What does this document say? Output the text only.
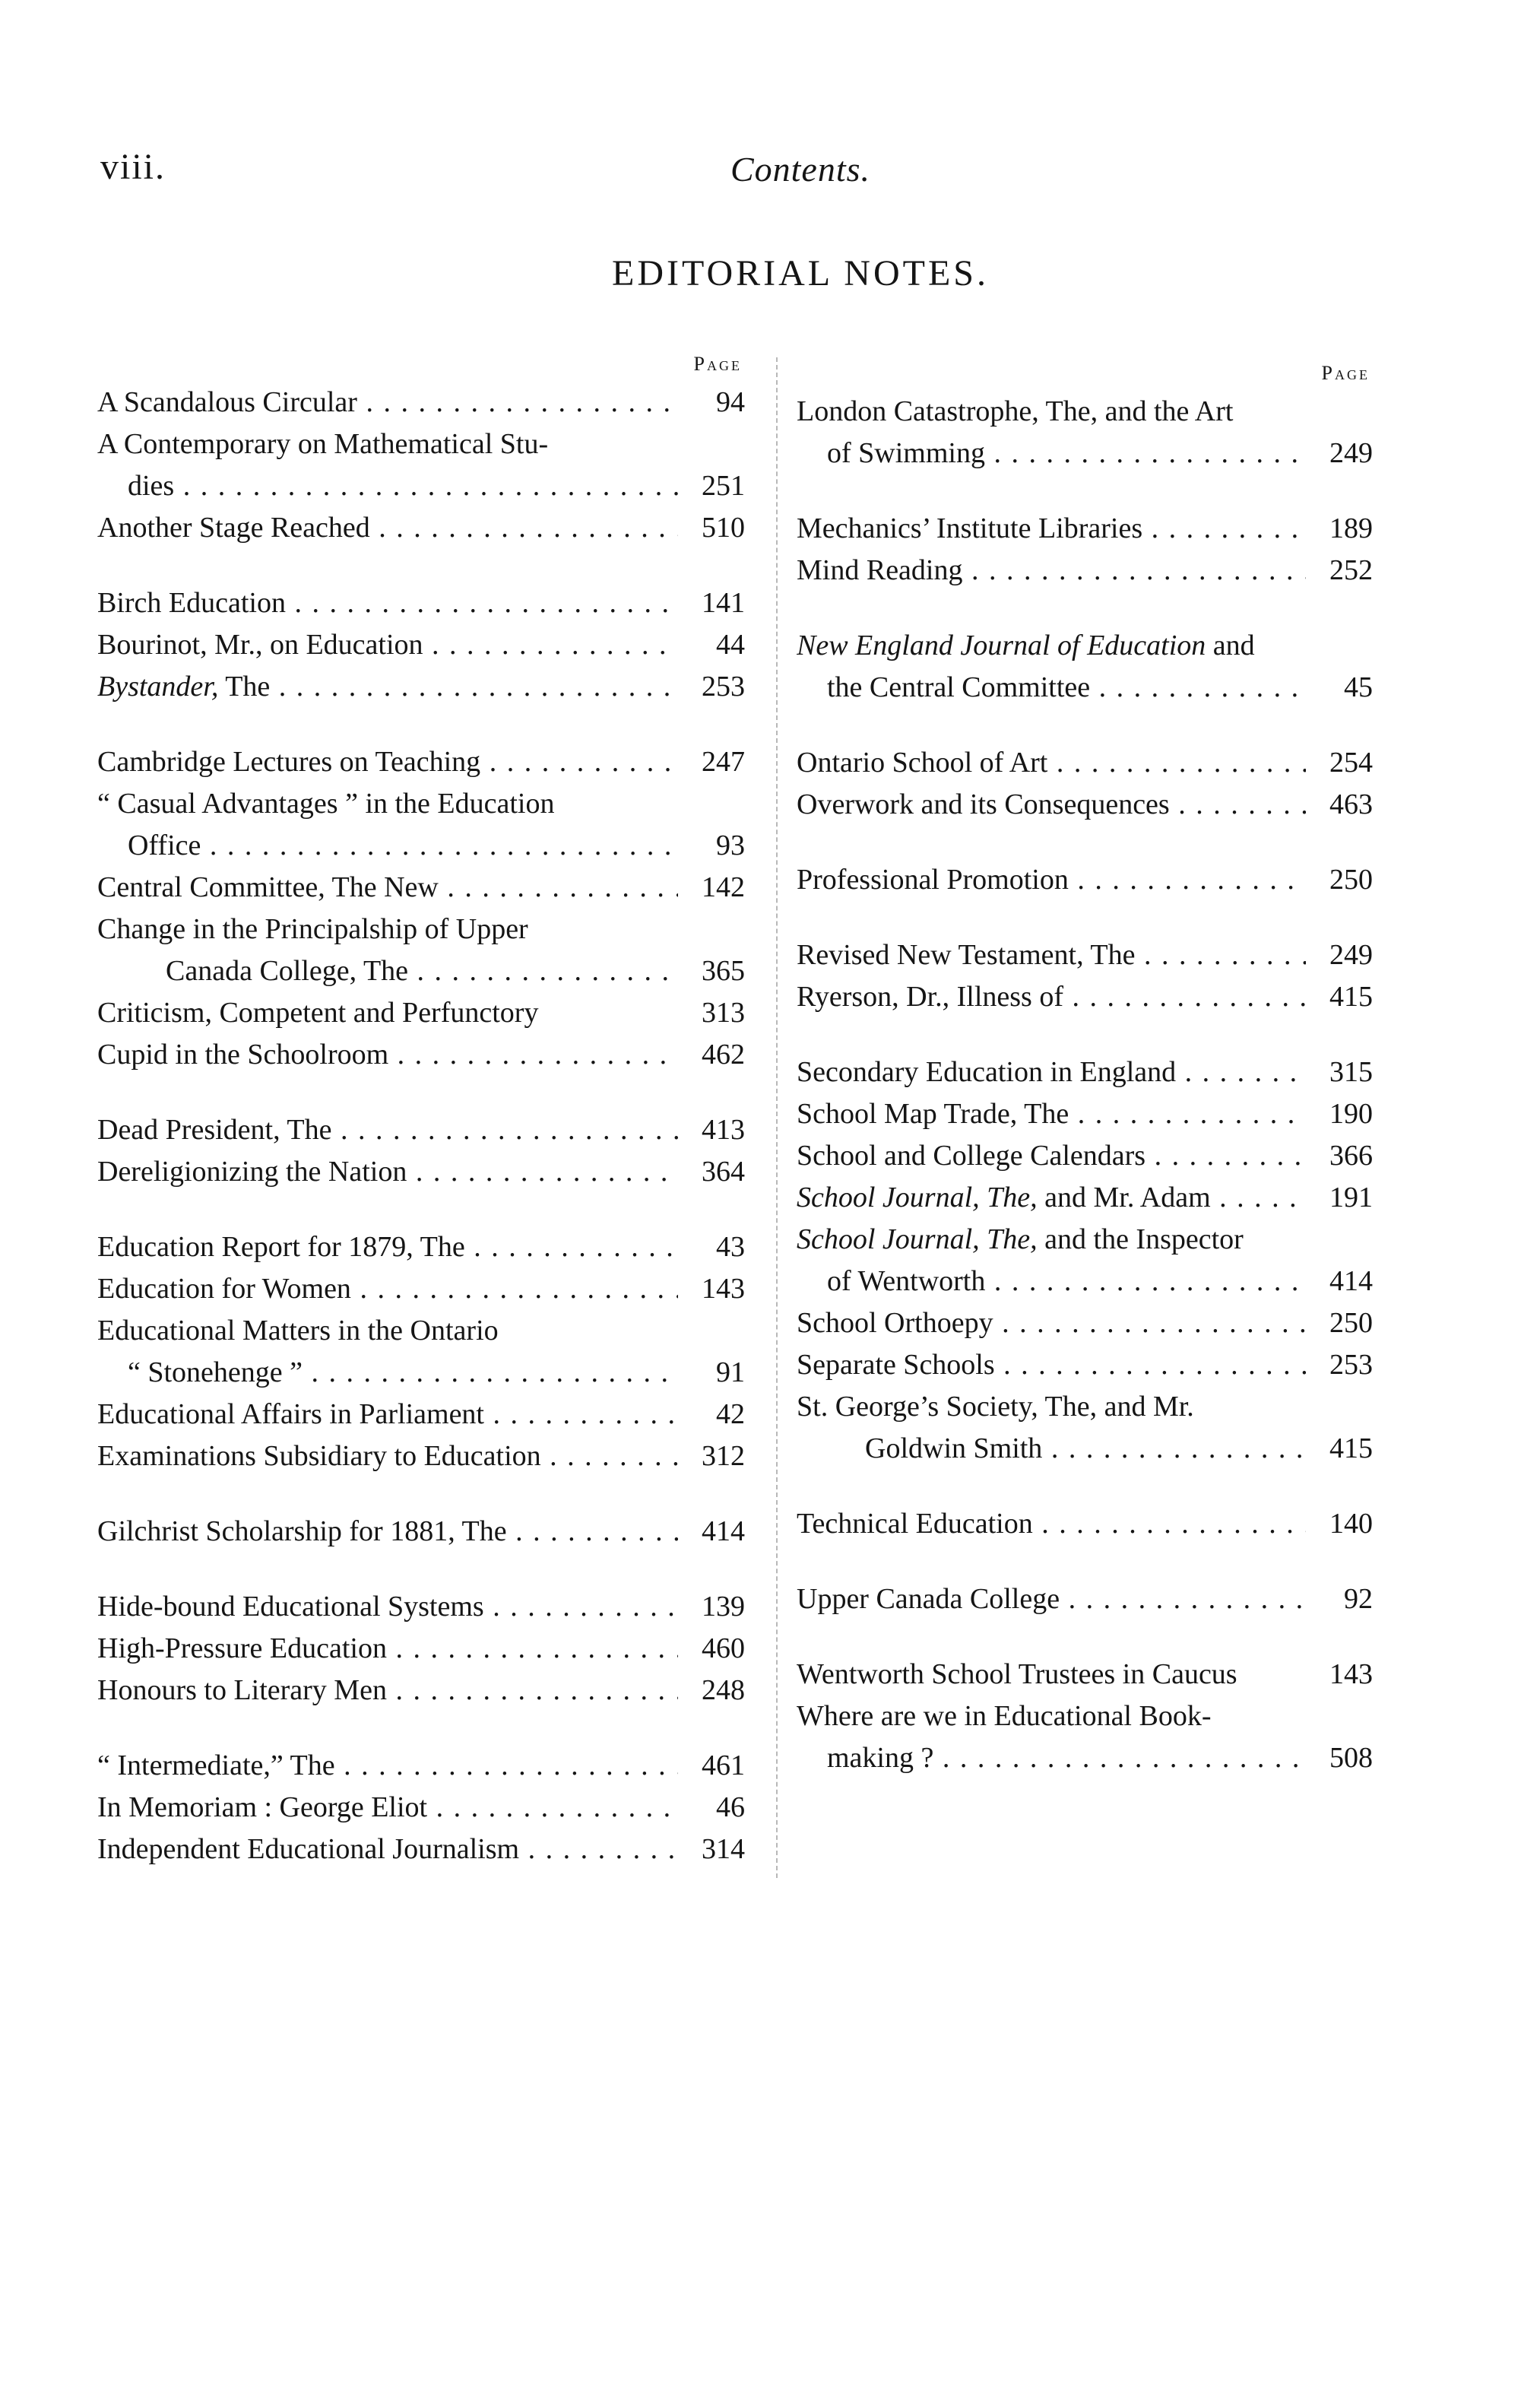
viii.	Contents.
EDITORIAL NOTES.
Page
A Scandalous Circular . . .	94
A Contemporary on Mathematical Stu-
dies . . .	251
Another Stage Reached . . .	510
Birch Education . . .	141
Bourinot, Mr., on Education . . .	44
Bystander, The . . .	253
Cambridge Lectures on Teaching . . .	247
“ Casual Advantages ” in the Education
Office . . .	93
Central Committee, The New . . .	142
Change in the Principalship of Upper
Canada College, The . . .	365
Criticism, Competent and Perfunctory	313
Cupid in the Schoolroom . . .	462
Dead President, The . . .	413
Dereligionizing the Nation . . .	364
Education Report for 1879, The . . .	43
Education for Women . . .	143
Educational Matters in the Ontario
“ Stonehenge ” . . .	91
Educational Affairs in Parliament . . .	42
Examinations Subsidiary to Education . . .	312
Gilchrist Scholarship for 1881, The . . .	414
Hide-bound Educational Systems . . .	139
High-Pressure Education . . .	460
Honours to Literary Men . . .	248
“ Intermediate,” The . . .	461
In Memoriam : George Eliot . . .	46
Independent Educational Journalism . . .	314
Page
London Catastrophe, The, and the Art
of Swimming . . .	249
Mechanics’ Institute Libraries . . .	189
Mind Reading . . .	252
New England Journal of Education and
the Central Committee . . .	45
Ontario School of Art . . .	254
Overwork and its Consequences . . .	463
Professional Promotion . . .	250
Revised New Testament, The . . .	249
Ryerson, Dr., Illness of . . .	415
Secondary Education in England . . .	315
School Map Trade, The . . .	190
School and College Calendars . . .	366
School Journal, The, and Mr. Adam . . .	191
School Journal, The, and the Inspector
of Wentworth . . .	414
School Orthoepy . . .	250
Separate Schools . . .	253
St. George’s Society, The, and Mr.
Goldwin Smith . . .	415
Technical Education . . .	140
Upper Canada College . . .	92
Wentworth School Trustees in Caucus	143
Where are we in Educational Book-
making ? . . .	508
